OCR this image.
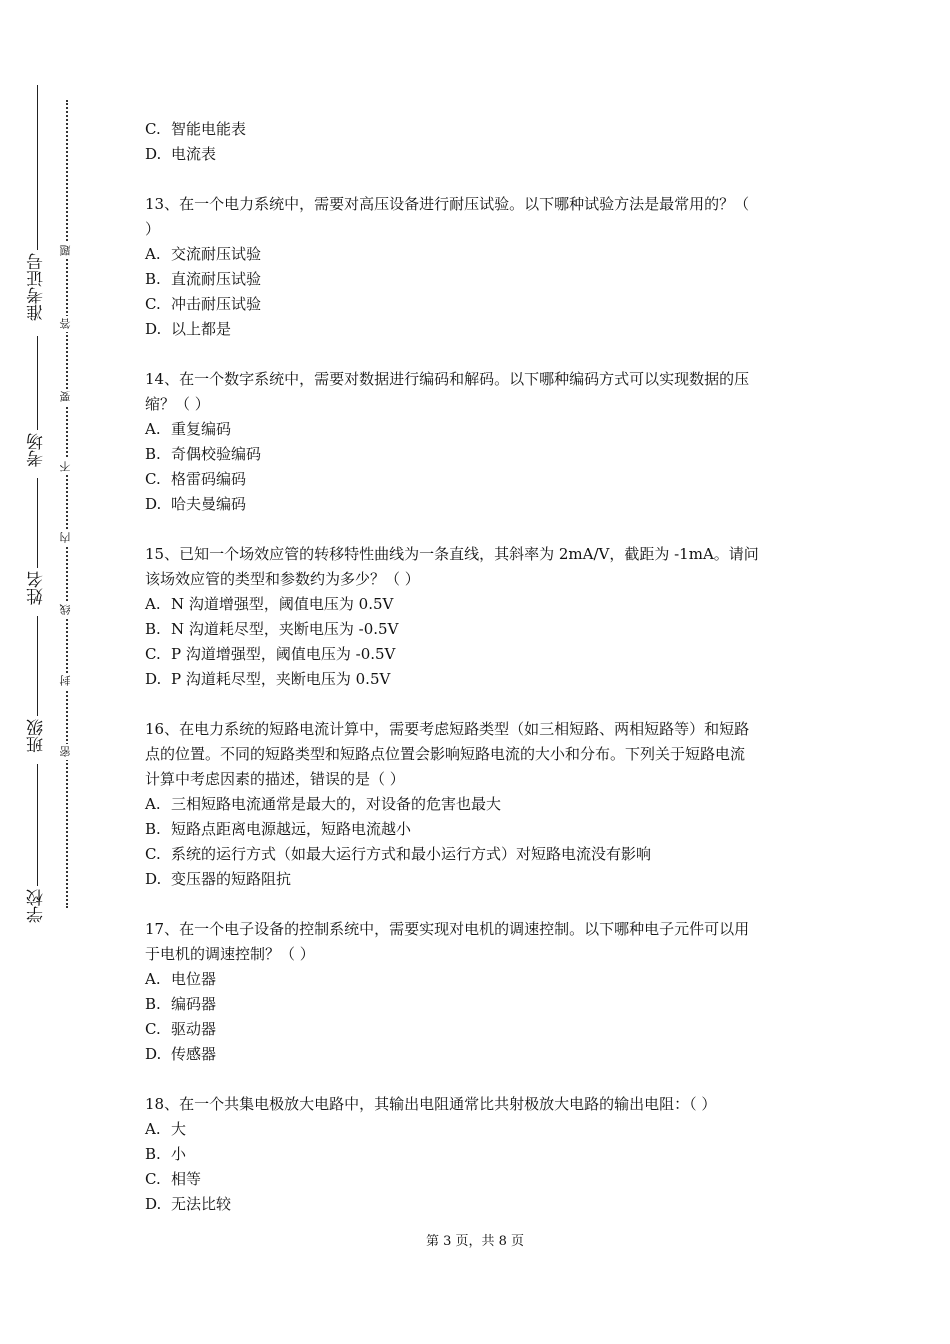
准考证号
考场
姓名
班级
学校
题
答
要
不
内
线
封
密
C. 智能电能表
D. 电流表
13、在一个电力系统中，需要对高压设备进行耐压试验。以下哪种试验方法是最常用的？（
）
A. 交流耐压试验
B. 直流耐压试验
C. 冲击耐压试验
D. 以上都是
14、在一个数字系统中，需要对数据进行编码和解码。以下哪种编码方式可以实现数据的压
缩？（ ）
A. 重复编码
B. 奇偶校验编码
C. 格雷码编码
D. 哈夫曼编码
15、已知一个场效应管的转移特性曲线为一条直线，其斜率为 2mA/V，截距为 -1mA。请问
该场效应管的类型和参数约为多少？（ ）
A. N 沟道增强型，阈值电压为 0.5V
B. N 沟道耗尽型，夹断电压为 -0.5V
C. P 沟道增强型，阈值电压为 -0.5V
D. P 沟道耗尽型，夹断电压为 0.5V
16、在电力系统的短路电流计算中，需要考虑短路类型（如三相短路、两相短路等）和短路
点的位置。不同的短路类型和短路点位置会影响短路电流的大小和分布。下列关于短路电流
计算中考虑因素的描述，错误的是（ ）
A. 三相短路电流通常是最大的，对设备的危害也最大
B. 短路点距离电源越远，短路电流越小
C. 系统的运行方式（如最大运行方式和最小运行方式）对短路电流没有影响
D. 变压器的短路阻抗
17、在一个电子设备的控制系统中，需要实现对电机的调速控制。以下哪种电子元件可以用
于电机的调速控制？（ ）
A. 电位器
B. 编码器
C. 驱动器
D. 传感器
18、在一个共集电极放大电路中，其输出电阻通常比共射极放大电路的输出电阻：（ ）
A. 大
B. 小
C. 相等
D. 无法比较
第 3 页，共 8 页
